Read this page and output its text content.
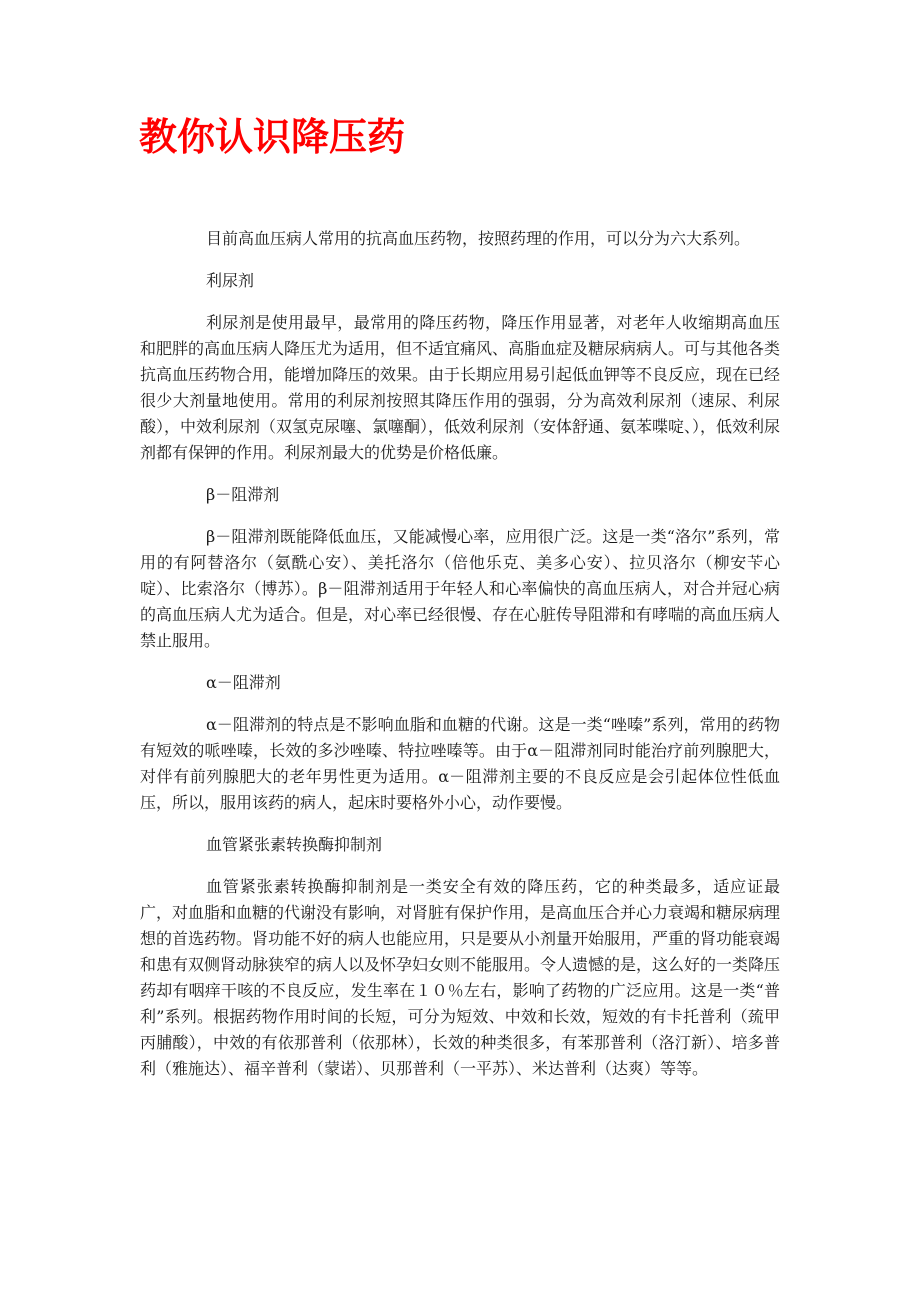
教你认识降压药

目前高血压病人常用的抗高血压药物，按照药理的作用，可以分为六大系列。

利尿剂

利尿剂是使用最早，最常用的降压药物，降压作用显著，对老年人收缩期高血压和肥胖的高血压病人降压尤为适用，但不适宜痛风、高脂血症及糖尿病病人。可与其他各类抗高血压药物合用，能增加降压的效果。由于长期应用易引起低血钾等不良反应，现在已经很少大剂量地使用。常用的利尿剂按照其降压作用的强弱，分为高效利尿剂（速尿、利尿酸），中效利尿剂（双氢克尿噻、氯噻酮），低效利尿剂（安体舒通、氨苯喋啶、），低效利尿剂都有保钾的作用。利尿剂最大的优势是价格低廉。

β－阻滞剂

β－阻滞剂既能降低血压，又能减慢心率，应用很广泛。这是一类“洛尔”系列，常用的有阿替洛尔（氨酰心安）、美托洛尔（倍他乐克、美多心安）、拉贝洛尔（柳安苄心啶）、比索洛尔（博苏）。β－阻滞剂适用于年轻人和心率偏快的高血压病人，对合并冠心病的高血压病人尤为适合。但是，对心率已经很慢、存在心脏传导阻滞和有哮喘的高血压病人禁止服用。

α－阻滞剂

α－阻滞剂的特点是不影响血脂和血糖的代谢。这是一类“唑嗪”系列，常用的药物有短效的哌唑嗪，长效的多沙唑嗪、特拉唑嗪等。由于α－阻滞剂同时能治疗前列腺肥大，对伴有前列腺肥大的老年男性更为适用。α－阻滞剂主要的不良反应是会引起体位性低血压，所以，服用该药的病人，起床时要格外小心，动作要慢。

血管紧张素转换酶抑制剂

血管紧张素转换酶抑制剂是一类安全有效的降压药，它的种类最多，适应证最广，对血脂和血糖的代谢没有影响，对肾脏有保护作用，是高血压合并心力衰竭和糖尿病理想的首选药物。肾功能不好的病人也能应用，只是要从小剂量开始服用，严重的肾功能衰竭和患有双侧肾动脉狭窄的病人以及怀孕妇女则不能服用。令人遗憾的是，这么好的一类降压药却有咽痒干咳的不良反应，发生率在１０％左右，影响了药物的广泛应用。这是一类“普利”系列。根据药物作用时间的长短，可分为短效、中效和长效，短效的有卡托普利（巯甲丙脯酸），中效的有依那普利（依那林），长效的种类很多，有苯那普利（洛汀新）、培多普利（雅施达）、福辛普利（蒙诺）、贝那普利（一平苏）、米达普利（达爽）等等。
